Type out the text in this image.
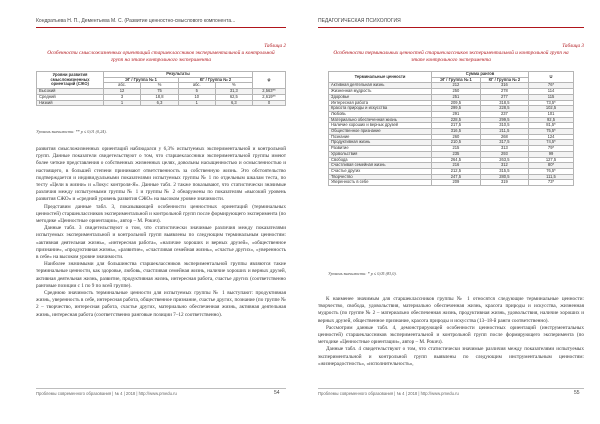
Кондратьева Н. П., Дементьева М. С. (Развитие ценностно-смыслового компонента...
Таблица 2
Особенности смысложизненных ориентаций старшеклассников экспериментальной и контрольной групп на этапе контрольного эксперимента
Уровни развития смысложизненных ориентаций (СЖО)	Результаты				φ
	ЭГ / Группа № 1		КГ / Группа № 2		
	абс.	%	абс.	%	
Высокий	12	75	5	31,3	2,563**
Средний	3	18,8	10	62,5	2,619**
Низкий	1	6,3	1	6,3	0
Уровень значимости: ** p ≤ 0,01 (0,24).

развития смысложизненных ориентаций наблюдался у 6,3% испытуемых экспериментальной и контрольной групп. Данные показатели свидетельствуют о том, что старшеклассники экспериментальной группы имеют более четкие представления о собственных жизненных целях, довольны насыщенностью и осмысленностью и настоящего, в большей степени принимают ответственность за собственную жизнь. Это обстоятельство подтверждается и индивидуальными показателями испытуемых группы № 1 по отдельным шкалам теста, по тесту «Цели в жизни» и «Локус контроля-Я». Данные табл. 2 также показывают, что статистически значимые различия между испытуемыми группы № 1 и группы № 2 обнаружены по показателям «высокий уровень развития СЖО» и «средний уровень развития СЖО» на высоком уровне значимости.

Представим данные табл. 3, показывающей особенности ценностных ориентаций (терминальных ценностей) старшеклассников экспериментальной и контрольной групп после формирующего эксперимента (по методике «Ценностные ориентации», автор – М. Рокич).

Данные табл. 3 свидетельствуют о том, что статистически значимые различия между показателями испытуемых экспериментальной и контрольной групп выявлены по следующим терминальным ценностям: «активная деятельная жизнь», «интересная работа», «наличие хороших и верных друзей», «общественное признание», «продуктивная жизнь», «развитие», «счастливая семейная жизнь», «счастье других», «уверенность в себе» на высоком уровне значимости.

Наиболее значимыми для большинства старшеклассников экспериментальной группы являются такие терминальные ценности, как здоровье, любовь, счастливая семейная жизнь, наличие хороших и верных друзей, активная деятельная жизнь, развитие, продуктивная жизнь, интересная работа, счастье других (соответственно ранговые позиции с 1 по 9 по всей группе).

Среднюю значимость терминальные ценности для испытуемых группы № 1 выступают: продуктивная жизнь, уверенность в себе, интересная работа, общественное признание, счастье других, познание (по группе № 2 – творчество, интересная работа, счастье других, материально обеспеченная жизнь, активная деятельная жизнь, интересная работа (соответственно ранговые позиции 7–12 соответственно).

Проблемы современного образования | № 4 | 2018 | http://www.pmedu.ru	54
ПЕДАГОГИЧЕСКАЯ ПСИХОЛОГИЯ
Таблица 3
Особенности терминальных ценностей старшеклассников экспериментальной и контрольной групп на этапе контрольного эксперимента
Терминальные ценности	Сумма рангов		U
	ЭГ / Группа № 1	КГ / Группа № 2	
Активная деятельная жизнь	212	316	76*
Жизненная мудрость	250	278	114
Здоровье	251	277	115
Интересная работа	209,5	318,5	73,5*
Красота природы и искусства	299,5	228,5	102,5
Любовь	291	237	101
Материально обеспеченная жизнь	228,5	299,5	92,5
Наличие хороших и верных друзей	217,5	310,5	81,5*
Общественное признание	316,5	211,5	75,5*
Познание	260	268	124
Продуктивная жизнь	210,5	317,5	74,5*
Развитие	215	313	79*
Удовольствия	235	293	99
Свобода	264,5	263,5	127,5
Счастливая семейная жизнь	216	312	80*
Счастье других	212,5	315,5	76,5*
Творчество	247,5	280,5	111,5
Уверенность в себе	209	319	73*
Уровень значимости: * p ≤ 0,05 (83,0).

К наименее значимым для старшеклассников группы № 1 относятся следующие терминальные ценности: творчество, свобода, удовольствия, материально обеспеченная жизнь, красота природы и искусства, жизненная мудрость (по группе № 2 – материально обеспеченная жизнь, продуктивная жизнь, удовольствия, наличие хороших и верных друзей, общественное признание, красота природы и искусства (13–18-й ранги соответственно).

Рассмотрим данные табл. 4, демонстрирующей особенности ценностных ориентаций (инструментальных ценностей) старшеклассников экспериментальной и контрольной групп после формирующего эксперимента (по методике «Ценностные ориентации», автор – М. Рокич).

Данные табл. 4 свидетельствуют о том, что статистически значимые различия между показателями испытуемых экспериментальной и контрольной групп выявлены по следующим инструментальным ценностям: «жизнерадостность», «исполнительность»,

Проблемы современного образования | № 4 | 2018 | http://www.pmedu.ru	55
